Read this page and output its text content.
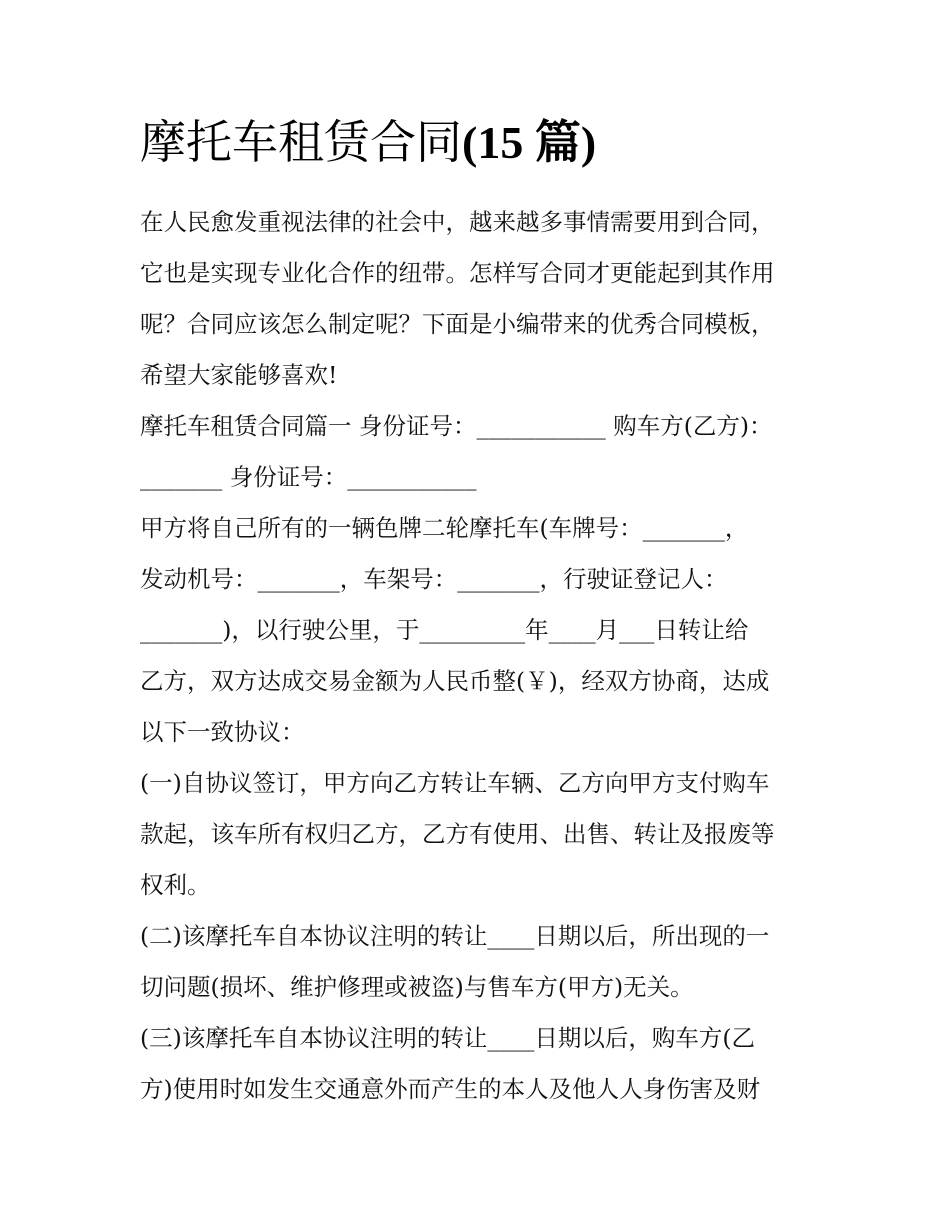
摩托车租赁合同(15 篇)
在人民愈发重视法律的社会中，越来越多事情需要用到合同，
它也是实现专业化合作的纽带。怎样写合同才更能起到其作用
呢？合同应该怎么制定呢？下面是小编带来的优秀合同模板，
希望大家能够喜欢!
摩托车租赁合同篇一 身份证号：___________ 购车方(乙方)：
_______ 身份证号：___________
甲方将自己所有的一辆色牌二轮摩托车(车牌号：_______，
发动机号：_______，车架号：_______，行驶证登记人：
_______)，以行驶公里，于_________年____月___日转让给
乙方，双方达成交易金额为人民币整(￥)，经双方协商，达成
以下一致协议：
(一)自协议签订，甲方向乙方转让车辆、乙方向甲方支付购车
款起，该车所有权归乙方，乙方有使用、出售、转让及报废等
权利。
(二)该摩托车自本协议注明的转让____日期以后，所出现的一
切问题(损坏、维护修理或被盗)与售车方(甲方)无关。
(三)该摩托车自本协议注明的转让____日期以后，购车方(乙
方)使用时如发生交通意外而产生的本人及他人人身伤害及财
